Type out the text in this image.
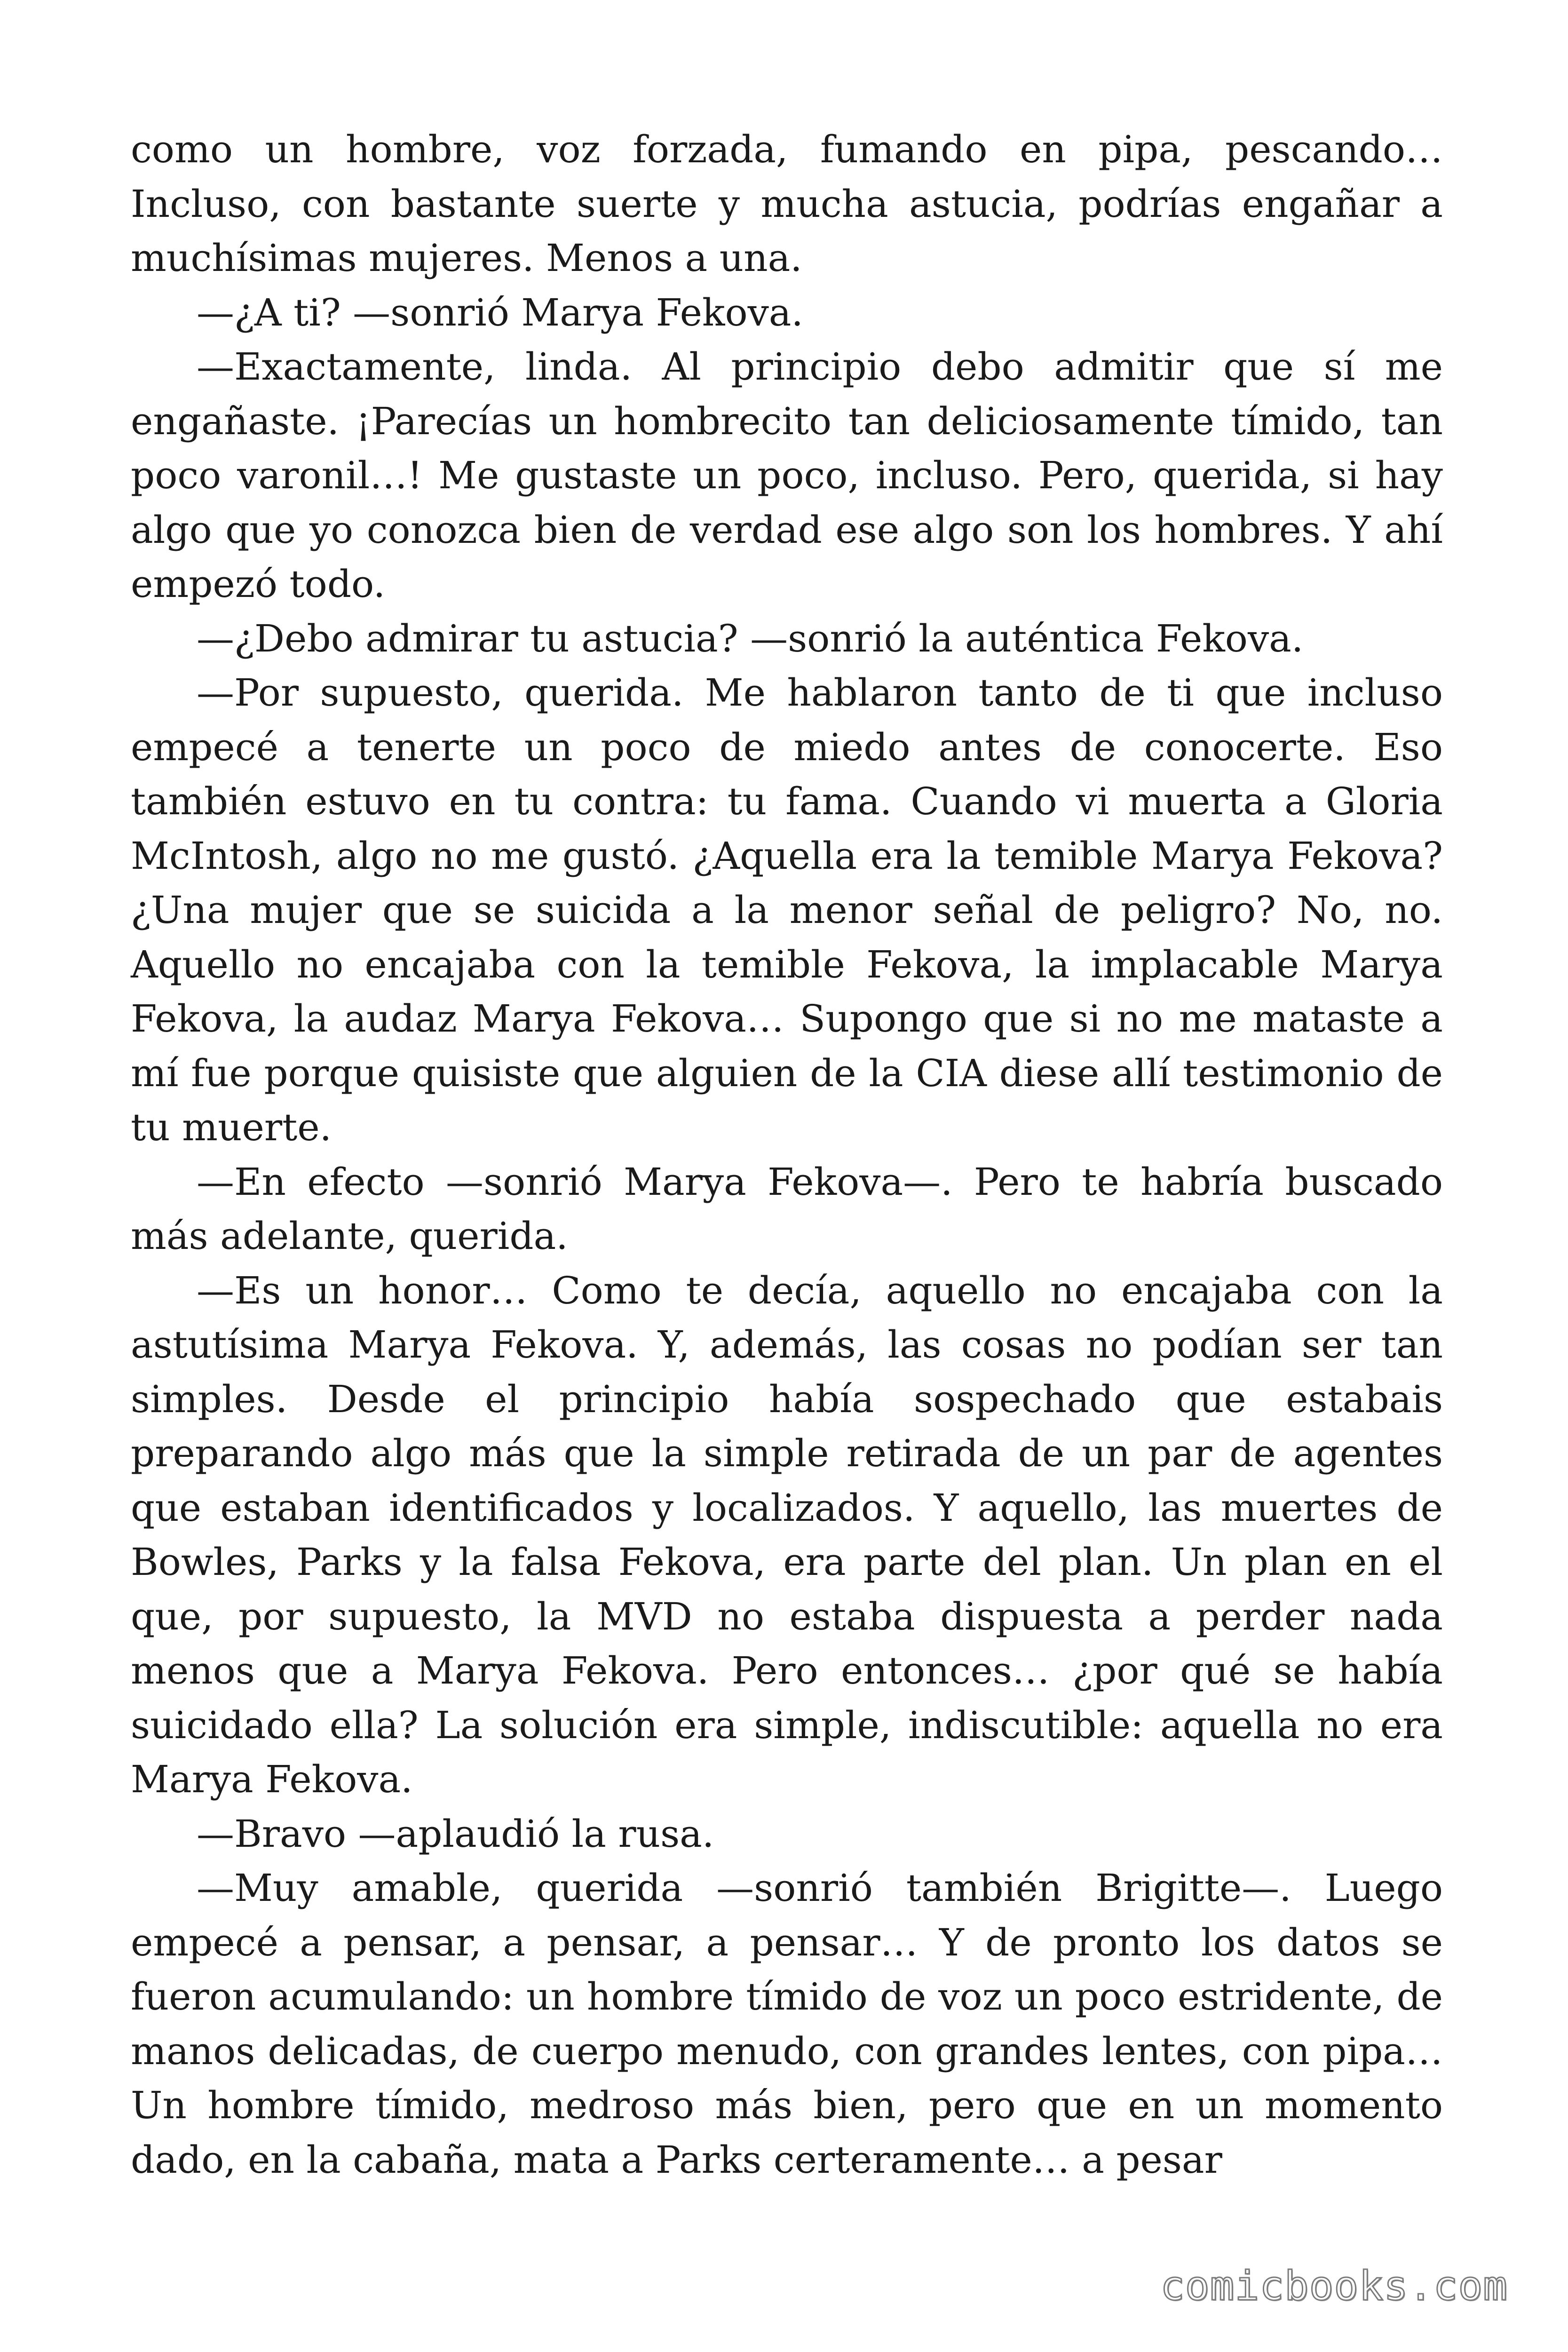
como un hombre, voz forzada, fumando en pipa, pescando… Incluso, con bastante suerte y mucha astucia, podrías engañar a muchísimas mujeres. Menos a una.

—¿A ti? —sonrió Marya Fekova.

—Exactamente, linda. Al principio debo admitir que sí me engañaste. ¡Parecías un hombrecito tan deliciosamente tímido, tan poco varonil…! Me gustaste un poco, incluso. Pero, querida, si hay algo que yo conozca bien de verdad ese algo son los hombres. Y ahí empezó todo.

—¿Debo admirar tu astucia? —sonrió la auténtica Fekova.

—Por supuesto, querida. Me hablaron tanto de ti que incluso empecé a tenerte un poco de miedo antes de conocerte. Eso también estuvo en tu contra: tu fama. Cuando vi muerta a Gloria McIntosh, algo no me gustó. ¿Aquella era la temible Marya Fekova? ¿Una mujer que se suicida a la menor señal de peligro? No, no. Aquello no encajaba con la temible Fekova, la implacable Marya Fekova, la audaz Marya Fekova… Supongo que si no me mataste a mí fue porque quisiste que alguien de la CIA diese allí testimonio de tu muerte.

—En efecto —sonrió Marya Fekova—. Pero te habría buscado más adelante, querida.

—Es un honor… Como te decía, aquello no encajaba con la astutísima Marya Fekova. Y, además, las cosas no podían ser tan simples. Desde el principio había sospechado que estabais preparando algo más que la simple retirada de un par de agentes que estaban identificados y localizados. Y aquello, las muertes de Bowles, Parks y la falsa Fekova, era parte del plan. Un plan en el que, por supuesto, la MVD no estaba dispuesta a perder nada menos que a Marya Fekova. Pero entonces… ¿por qué se había suicidado ella? La solución era simple, indiscutible: aquella no era Marya Fekova.

—Bravo —aplaudió la rusa.

—Muy amable, querida —sonrió también Brigitte—. Luego empecé a pensar, a pensar, a pensar… Y de pronto los datos se fueron acumulando: un hombre tímido de voz un poco estridente, de manos delicadas, de cuerpo menudo, con grandes lentes, con pipa… Un hombre tímido, medroso más bien, pero que en un momento dado, en la cabaña, mata a Parks certeramente… a pesar

comicbooks.com
